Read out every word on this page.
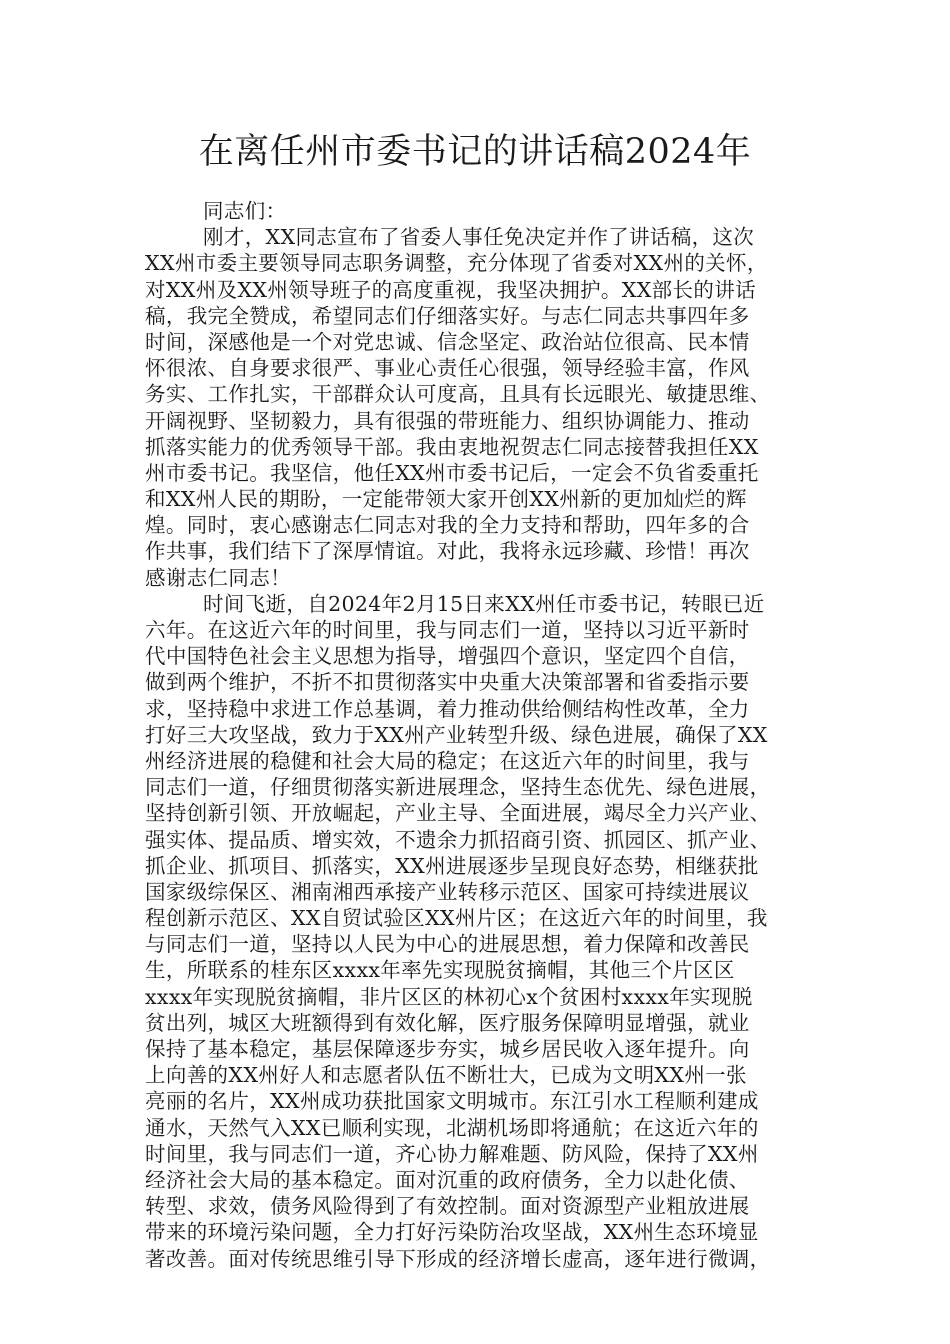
在离任州市委书记的讲话稿2024年
同志们：
刚才，XX同志宣布了省委人事任免决定并作了讲话稿，这次
XX州市委主要领导同志职务调整，充分体现了省委对XX州的关怀，
对XX州及XX州领导班子的高度重视，我坚决拥护。XX部长的讲话
稿，我完全赞成，希望同志们仔细落实好。与志仁同志共事四年多
时间，深感他是一个对党忠诚、信念坚定、政治站位很高、民本情
怀很浓、自身要求很严、事业心责任心很强，领导经验丰富，作风
务实、工作扎实，干部群众认可度高，且具有长远眼光、敏捷思维、
开阔视野、坚韧毅力，具有很强的带班能力、组织协调能力、推动
抓落实能力的优秀领导干部。我由衷地祝贺志仁同志接替我担任XX
州市委书记。我坚信，他任XX州市委书记后，一定会不负省委重托
和XX州人民的期盼，一定能带领大家开创XX州新的更加灿烂的辉
煌。同时，衷心感谢志仁同志对我的全力支持和帮助，四年多的合
作共事，我们结下了深厚情谊。对此，我将永远珍藏、珍惜！再次
感谢志仁同志！
时间飞逝，自2024年2月15日来XX州任市委书记，转眼已近
六年。在这近六年的时间里，我与同志们一道，坚持以习近平新时
代中国特色社会主义思想为指导，增强四个意识，坚定四个自信，
做到两个维护，不折不扣贯彻落实中央重大决策部署和省委指示要
求，坚持稳中求进工作总基调，着力推动供给侧结构性改革，全力
打好三大攻坚战，致力于XX州产业转型升级、绿色进展，确保了XX
州经济进展的稳健和社会大局的稳定；在这近六年的时间里，我与
同志们一道，仔细贯彻落实新进展理念，坚持生态优先、绿色进展，
坚持创新引领、开放崛起，产业主导、全面进展，竭尽全力兴产业、
强实体、提品质、增实效，不遗余力抓招商引资、抓园区、抓产业、
抓企业、抓项目、抓落实，XX州进展逐步呈现良好态势，相继获批
国家级综保区、湘南湘西承接产业转移示范区、国家可持续进展议
程创新示范区、XX自贸试验区XX州片区；在这近六年的时间里，我
与同志们一道，坚持以人民为中心的进展思想，着力保障和改善民
生，所联系的桂东区xxxx年率先实现脱贫摘帽，其他三个片区区
xxxx年实现脱贫摘帽，非片区区的林初心x个贫困村xxxx年实现脱
贫出列，城区大班额得到有效化解，医疗服务保障明显增强，就业
保持了基本稳定，基层保障逐步夯实，城乡居民收入逐年提升。向
上向善的XX州好人和志愿者队伍不断壮大，已成为文明XX州一张
亮丽的名片，XX州成功获批国家文明城市。东江引水工程顺利建成
通水，天然气入XX已顺利实现，北湖机场即将通航；在这近六年的
时间里，我与同志们一道，齐心协力解难题、防风险，保持了XX州
经济社会大局的基本稳定。面对沉重的政府债务，全力以赴化债、
转型、求效，债务风险得到了有效控制。面对资源型产业粗放进展
带来的环境污染问题，全力打好污染防治攻坚战，XX州生态环境显
著改善。面对传统思维引导下形成的经济增长虚高，逐年进行微调，
